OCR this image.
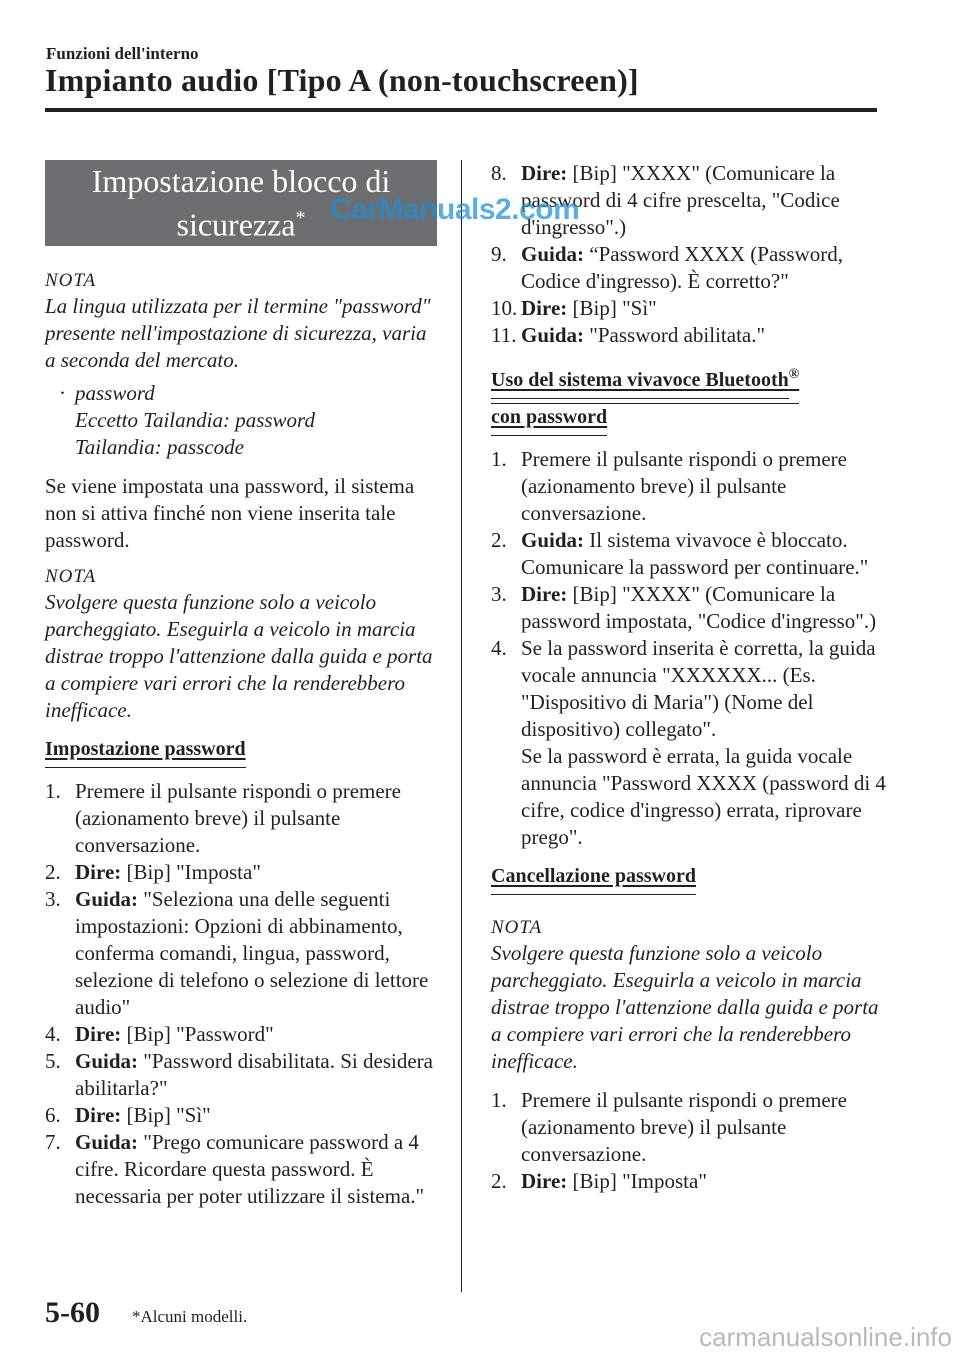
Funzioni dell'interno
Impianto audio [Tipo A (non-touchscreen)]
Impostazione blocco di
sicurezza*
NOTA
La lingua utilizzata per il termine "password" presente nell'impostazione di sicurezza, varia a seconda del mercato.
· password
Eccetto Tailandia: password
Tailandia: passcode
Se viene impostata una password, il sistema non si attiva finché non viene inserita tale password.
NOTA
Svolgere questa funzione solo a veicolo parcheggiato. Eseguirla a veicolo in marcia distrae troppo l'attenzione dalla guida e porta a compiere vari errori che la renderebbero inefficace.
Impostazione password
1. Premere il pulsante rispondi o premere (azionamento breve) il pulsante conversazione.
2. Dire: [Bip] "Imposta"
3. Guida: "Seleziona una delle seguenti impostazioni: Opzioni di abbinamento, conferma comandi, lingua, password, selezione di telefono o selezione di lettore audio"
4. Dire: [Bip] "Password"
5. Guida: "Password disabilitata. Si desidera abilitarla?"
6. Dire: [Bip] "Sì"
7. Guida: "Prego comunicare password a 4 cifre. Ricordare questa password. È necessaria per poter utilizzare il sistema."
8. Dire: [Bip] "XXXX" (Comunicare la password di 4 cifre prescelta, "Codice d'ingresso".)
9. Guida: “Password XXXX (Password, Codice d'ingresso). È corretto?"
10. Dire: [Bip] "Sì"
11. Guida: "Password abilitata."
Uso del sistema vivavoce Bluetooth®
con password
1. Premere il pulsante rispondi o premere (azionamento breve) il pulsante conversazione.
2. Guida: Il sistema vivavoce è bloccato. Comunicare la password per continuare."
3. Dire: [Bip] "XXXX" (Comunicare la password impostata, "Codice d'ingresso".)
4. Se la password inserita è corretta, la guida vocale annuncia "XXXXXX... (Es. "Dispositivo di Maria") (Nome del dispositivo) collegato".
Se la password è errata, la guida vocale annuncia "Password XXXX (password di 4 cifre, codice d'ingresso) errata, riprovare prego".
Cancellazione password
NOTA
Svolgere questa funzione solo a veicolo parcheggiato. Eseguirla a veicolo in marcia distrae troppo l'attenzione dalla guida e porta a compiere vari errori che la renderebbero inefficace.
1. Premere il pulsante rispondi o premere (azionamento breve) il pulsante conversazione.
2. Dire: [Bip] "Imposta"
CarManuals2.com
5-60 *Alcuni modelli.
carmanualsonline.info
